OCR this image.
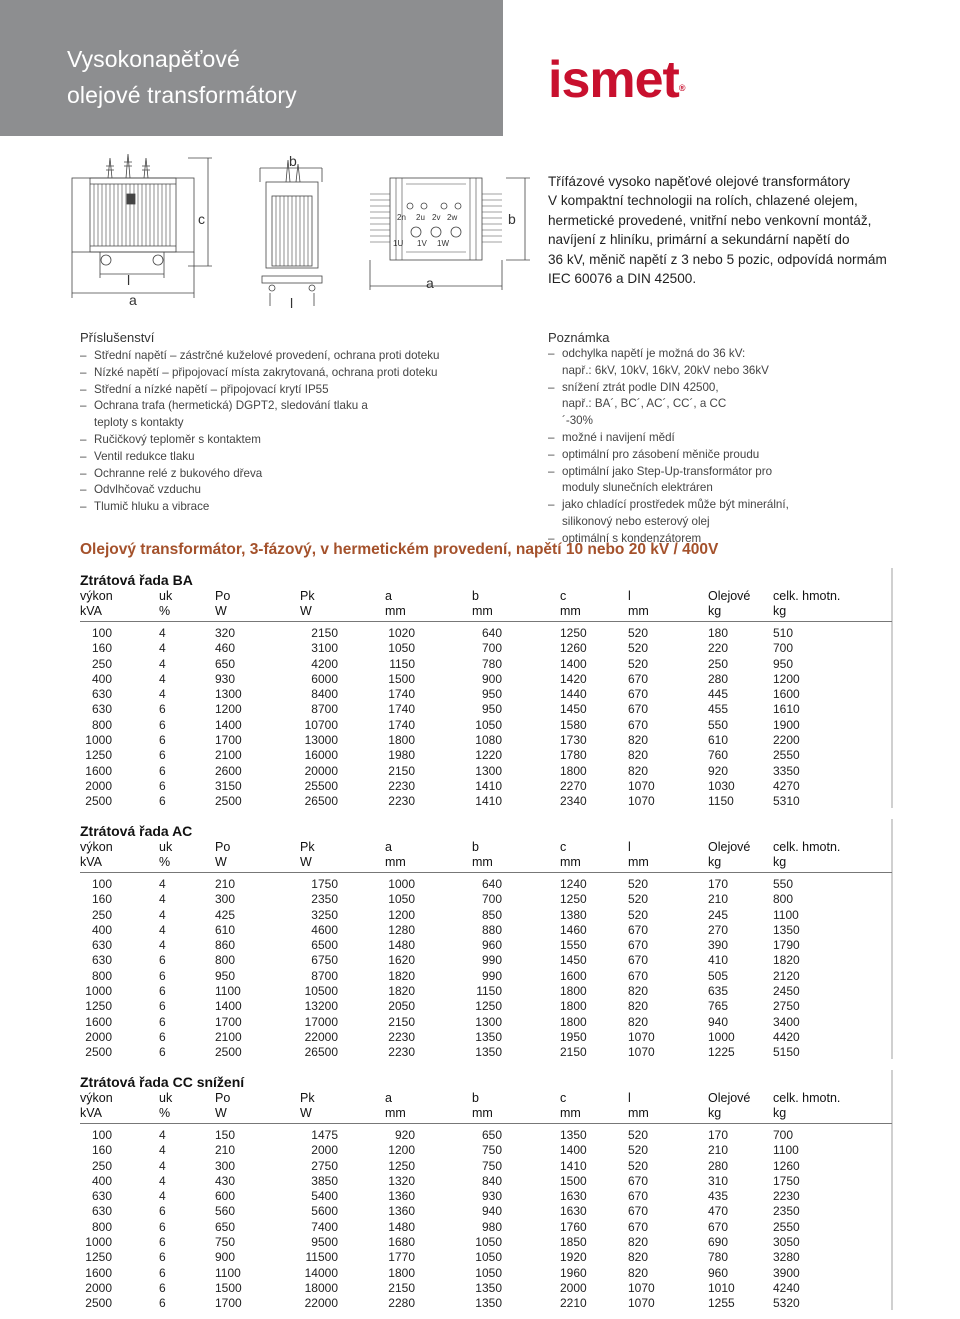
Vysokonapěťové
olejové transformátory	ismet®
l
a
c
b
l
2n 2u 2v 2w
1U 1V 1W
a
b
Třífázové vysoko napěťové olejové transformátory
V kompaktní technologii na rolích, chlazené olejem,
hermetické provedené, vnitřní nebo venkovní montáž,
navíjení z hliníku, primární a sekundární napětí do
36 kV, měnič napětí z 3 nebo 5 pozic, odpovídá normám
IEC 60076 a DIN 42500.
Příslušenství
– Střední napětí – zástrčné kuželové provedení, ochrana proti doteku
– Nízké napětí – připojovací místa zakrytovaná, ochrana proti doteku
– Střední a nízké napětí – připojovací krytí IP55
– Ochrana trafa (hermetická) DGPT2, sledování tlaku a teploty s kontakty
– Ručičkový teploměr s kontaktem
– Ventil redukce tlaku
– Ochranne relé z bukového dřeva
– Odvlhčovač vzduchu
– Tlumič hluku a vibrace
Poznámka
– odchylka napětí je možná do 36 kV: např.: 6kV, 10kV, 16kV, 20kV nebo 36kV
– snížení ztrát podle DIN 42500, např.: BA´, BC´, AC´, CC´, a CC´-30%
– možné i navijení mědí
– optimální pro zásobení měniče proudu
– optimální jako Step-Up-transformátor pro moduly slunečních elektráren
– jako chladící prostředek může být minerální, silikonový nebo esterový olej
– optimální s kondenzátorem
Olejový transformátor, 3-fázový, v hermetickém provedení, napětí 10 nebo 20 kV / 400V
Ztrátová řada BA
výkon	uk	Po	Pk	a	b	c	l	Olejové	celk. hmotn.
kVA	%	W	W	mm	mm	mm	mm	kg	kg
100	4	320	2150	1020	640	1250	520	180	510
160	4	460	3100	1050	700	1260	520	220	700
250	4	650	4200	1150	780	1400	520	250	950
400	4	930	6000	1500	900	1420	670	280	1200
630	4	1300	8400	1740	950	1440	670	445	1600
630	6	1200	8700	1740	950	1450	670	455	1610
800	6	1400	10700	1740	1050	1580	670	550	1900
1000	6	1700	13000	1800	1080	1730	820	610	2200
1250	6	2100	16000	1980	1220	1780	820	760	2550
1600	6	2600	20000	2150	1300	1800	820	920	3350
2000	6	3150	25500	2230	1410	2270	1070	1030	4270
2500	6	2500	26500	2230	1410	2340	1070	1150	5310
Ztrátová řada AC
výkon	uk	Po	Pk	a	b	c	l	Olejové	celk. hmotn.
kVA	%	W	W	mm	mm	mm	mm	kg	kg
100	4	210	1750	1000	640	1240	520	170	550
160	4	300	2350	1050	700	1250	520	210	800
250	4	425	3250	1200	850	1380	520	245	1100
400	4	610	4600	1280	880	1460	670	270	1350
630	4	860	6500	1480	960	1550	670	390	1790
630	6	800	6750	1620	990	1450	670	410	1820
800	6	950	8700	1820	990	1600	670	505	2120
1000	6	1100	10500	1820	1150	1800	820	635	2450
1250	6	1400	13200	2050	1250	1800	820	765	2750
1600	6	1700	17000	2150	1300	1800	820	940	3400
2000	6	2100	22000	2230	1350	1950	1070	1000	4420
2500	6	2500	26500	2230	1350	2150	1070	1225	5150
Ztrátová řada CC snížení
výkon	uk	Po	Pk	a	b	c	l	Olejové	celk. hmotn.
kVA	%	W	W	mm	mm	mm	mm	kg	kg
100	4	150	1475	920	650	1350	520	170	700
160	4	210	2000	1200	750	1400	520	210	1100
250	4	300	2750	1250	750	1410	520	280	1260
400	4	430	3850	1320	840	1500	670	310	1750
630	4	600	5400	1360	930	1630	670	435	2230
630	6	560	5600	1360	940	1630	670	470	2350
800	6	650	7400	1480	980	1760	670	670	2550
1000	6	750	9500	1680	1050	1850	820	690	3050
1250	6	900	11500	1770	1050	1920	820	780	3280
1600	6	1100	14000	1800	1050	1960	820	960	3900
2000	6	1500	18000	2150	1350	2000	1070	1010	4240
2500	6	1700	22000	2280	1350	2210	1070	1255	5320
